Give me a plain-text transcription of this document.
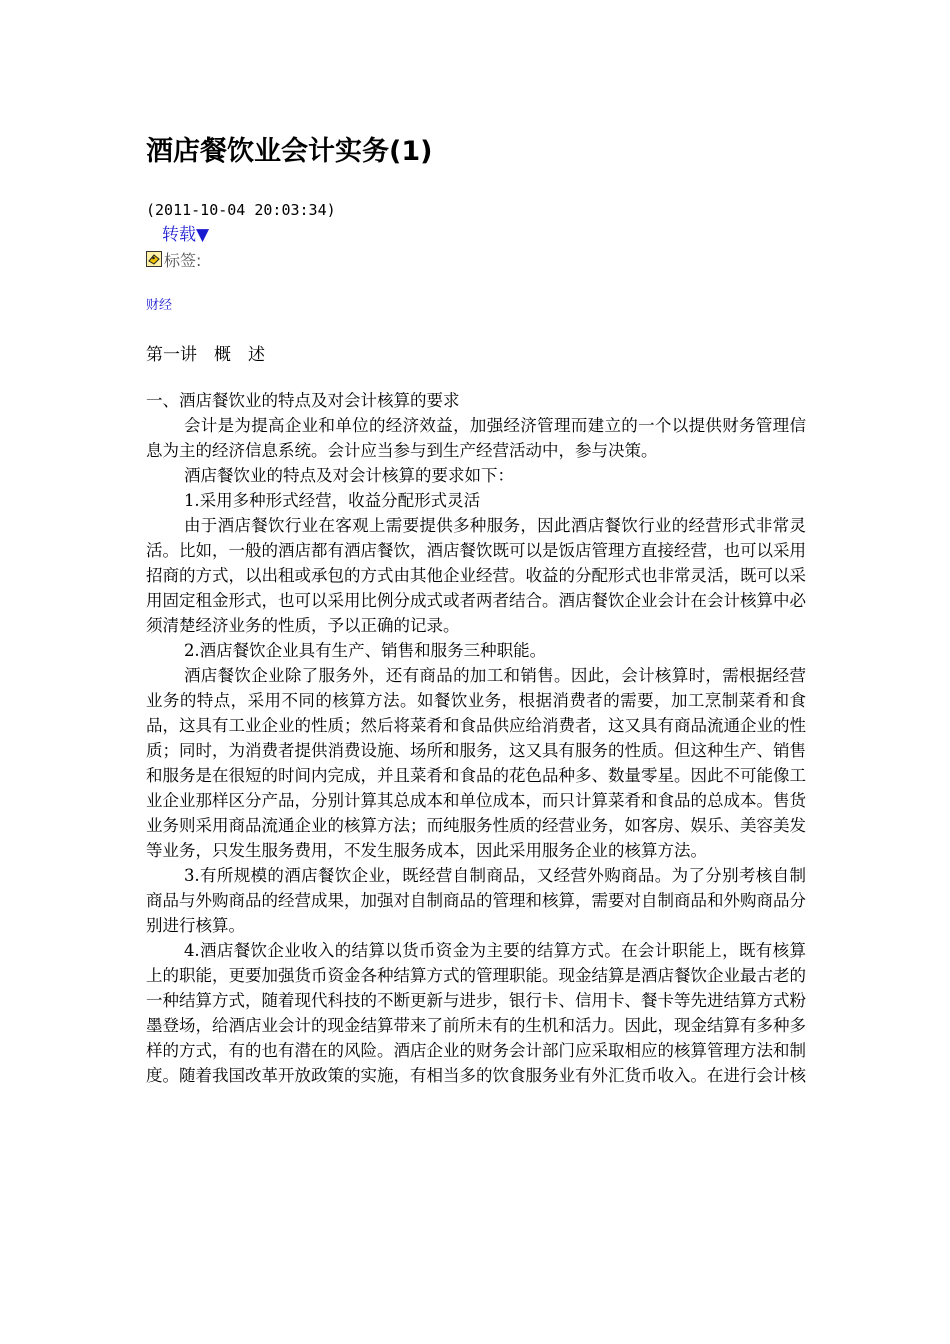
酒店餐饮业会计实务(1)
(2011-10-04 20:03:34)
转载▼
标签:
财经
第一讲　概　述

一、酒店餐饮业的特点及对会计核算的要求

会计是为提高企业和单位的经济效益，加强经济管理而建立的一个以提供财务管理信息为主的经济信息系统。会计应当参与到生产经营活动中，参与决策。

酒店餐饮业的特点及对会计核算的要求如下：

1.采用多种形式经营，收益分配形式灵活

由于酒店餐饮行业在客观上需要提供多种服务，因此酒店餐饮行业的经营形式非常灵活。比如，一般的酒店都有酒店餐饮，酒店餐饮既可以是饭店管理方直接经营，也可以采用招商的方式，以出租或承包的方式由其他企业经营。收益的分配形式也非常灵活，既可以采用固定租金形式，也可以采用比例分成式或者两者结合。酒店餐饮企业会计在会计核算中必须清楚经济业务的性质，予以正确的记录。

2.酒店餐饮企业具有生产、销售和服务三种职能。

酒店餐饮企业除了服务外，还有商品的加工和销售。因此，会计核算时，需根据经营业务的特点，采用不同的核算方法。如餐饮业务，根据消费者的需要，加工烹制菜肴和食品，这具有工业企业的性质；然后将菜肴和食品供应给消费者，这又具有商品流通企业的性质；同时，为消费者提供消费设施、场所和服务，这又具有服务的性质。但这种生产、销售和服务是在很短的时间内完成，并且菜肴和食品的花色品种多、数量零星。因此不可能像工业企业那样区分产品，分别计算其总成本和单位成本，而只计算菜肴和食品的总成本。售货业务则采用商品流通企业的核算方法；而纯服务性质的经营业务，如客房、娱乐、美容美发等业务，只发生服务费用，不发生服务成本，因此采用服务企业的核算方法。

3.有所规模的酒店餐饮企业，既经营自制商品，又经营外购商品。为了分别考核自制商品与外购商品的经营成果，加强对自制商品的管理和核算，需要对自制商品和外购商品分别进行核算。

4.酒店餐饮企业收入的结算以货币资金为主要的结算方式。在会计职能上，既有核算上的职能，更要加强货币资金各种结算方式的管理职能。现金结算是酒店餐饮企业最古老的一种结算方式，随着现代科技的不断更新与进步，银行卡、信用卡、餐卡等先进结算方式粉墨登场，给酒店业会计的现金结算带来了前所未有的生机和活力。因此，现金结算有多种多样的方式，有的也有潜在的风险。酒店企业的财务会计部门应采取相应的核算管理方法和制度。随着我国改革开放政策的实施，有相当多的饮食服务业有外汇货币收入。在进行会计核
